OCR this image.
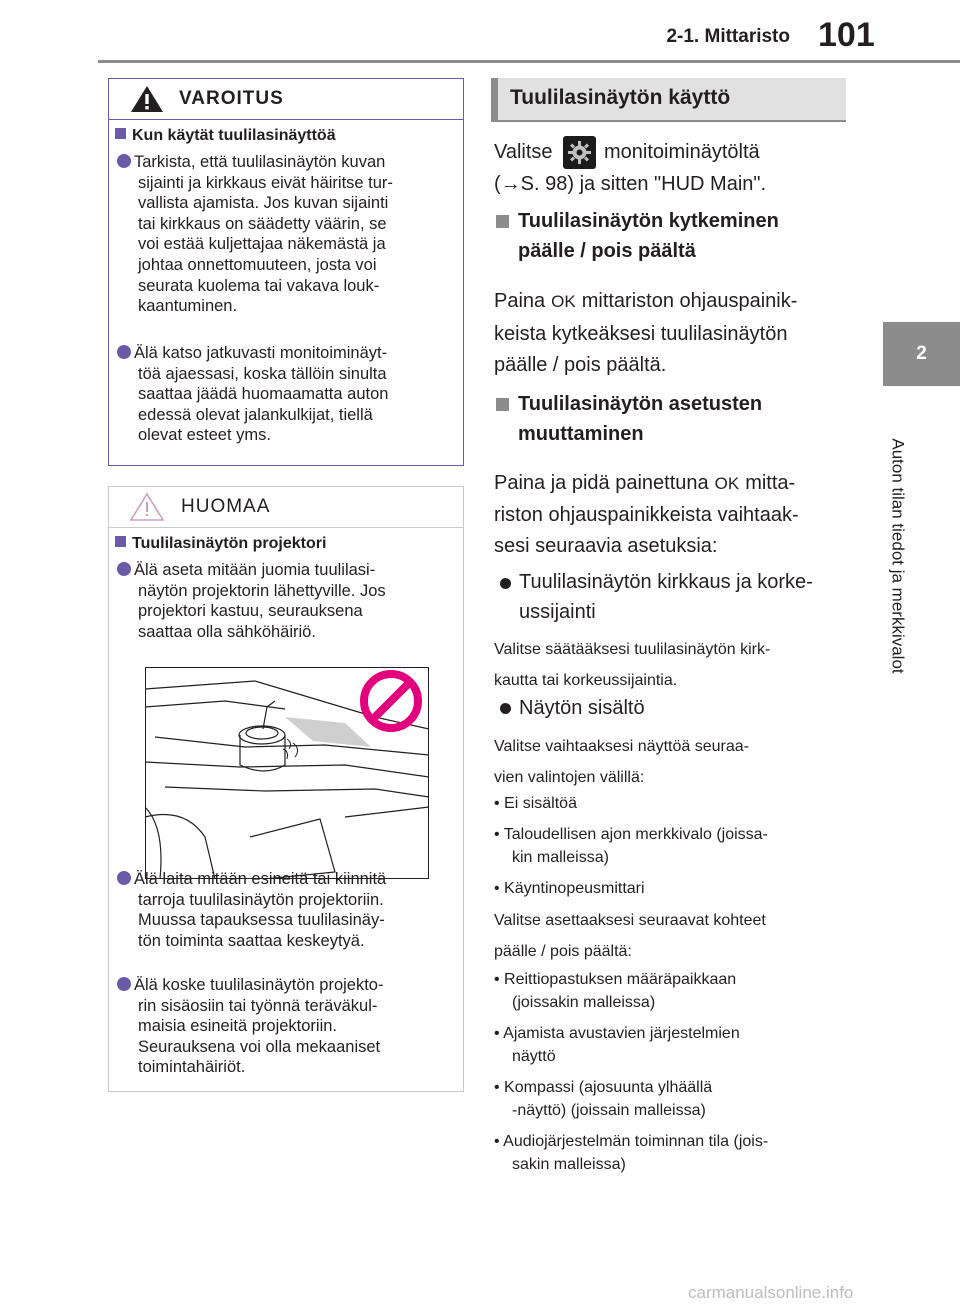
2-1. Mittaristo 101
2
Auton tilan tiedot ja merkkivalot
VAROITUS
Kun käytät tuulilasinäyttöä
Tarkista, että tuulilasinäytön kuvan
sijainti ja kirkkaus eivät häiritse tur-
vallista ajamista. Jos kuvan sijainti
tai kirkkaus on säädetty väärin, se
voi estää kuljettajaa näkemästä ja
johtaa onnettomuuteen, josta voi
seurata kuolema tai vakava louk-
kaantuminen.
Älä katso jatkuvasti monitoiminäyt-
töä ajaessasi, koska tällöin sinulta
saattaa jäädä huomaamatta auton
edessä olevat jalankulkijat, tiellä
olevat esteet yms.
HUOMAA
Tuulilasinäytön projektori
Älä aseta mitään juomia tuulilasi-
näytön projektorin lähettyville. Jos
projektori kastuu, seurauksena
saattaa olla sähköhäiriö.
Älä laita mitään esineitä tai kiinnitä
tarroja tuulilasinäytön projektoriin.
Muussa tapauksessa tuulilasinäy-
tön toiminta saattaa keskeytyä.
Älä koske tuulilasinäytön projekto-
rin sisäosiin tai työnnä teräväkul-
maisia esineitä projektoriin.
Seurauksena voi olla mekaaniset
toimintahäiriöt.
Tuulilasinäytön käyttö
Valitse	monitoiminäytöltä
(→S. 98) ja sitten "HUD Main".
Tuulilasinäytön kytkeminen
päälle / pois päältä
Paina OK mittariston ohjauspainik-
keista kytkeäksesi tuulilasinäytön
päälle / pois päältä.
Tuulilasinäytön asetusten
muuttaminen
Paina ja pidä painettuna OK mitta-
riston ohjauspainikkeista vaihtaak-
sesi seuraavia asetuksia:
Tuulilasinäytön kirkkaus ja korke-
ussijainti
Valitse säätääksesi tuulilasinäytön kirk-
kautta tai korkeussijaintia.
Näytön sisältö
Valitse vaihtaaksesi näyttöä seuraa-
vien valintojen välillä:
• Ei sisältöä
• Taloudellisen ajon merkkivalo (joissa-
kin malleissa)
• Käyntinopeusmittari
Valitse asettaaksesi seuraavat kohteet
päälle / pois päältä:
• Reittiopastuksen määräpaikkaan
(joissakin malleissa)
• Ajamista avustavien järjestelmien
näyttö
• Kompassi (ajosuunta ylhäällä
-näyttö) (joissain malleissa)
• Audiojärjestelmän toiminnan tila (jois-
sakin malleissa)
carmanualsonline.info
